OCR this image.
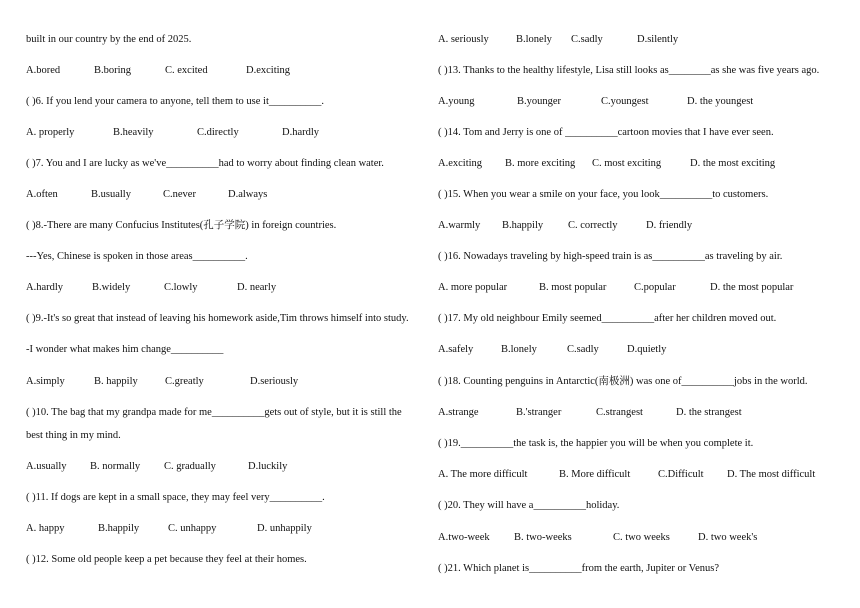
built in our country by the end of 2025.
A.bored	B.boring	C. excited	D.exciting
( )6. If you lend your camera to anyone, tell them to use it__________.
A. properly	B.heavily	C.directly	D.hardly
( )7. You and I are lucky as we've__________had to worry about finding clean water.
A.often	B.usually	C.never	D.always
( )8.-There are many Confucius Institutes(孔子学院) in foreign countries.
---Yes, Chinese is spoken in those areas__________.
A.hardly	B.widely	C.lowly	D. nearly
( )9.-It's so great that instead of leaving his homework aside,Tim throws himself into study.
-I wonder what makes him change__________
A.simply	B. happily	C.greatly	D.seriously
( )10. The bag that my grandpa made for me__________gets out of style, but it is still the
best thing in my mind.
A.usually B. normally C. gradually	D.luckily
( )11. If dogs are kept in a small space, they may feel very__________.
A. happy	B.happily	C. unhappy	D. unhappily
( )12. Some old people keep a pet because they feel at their homes.
A. seriously	B.lonely C.sadly	D.silently
( )13. Thanks to the healthy lifestyle, Lisa still looks as________as she was five years ago.
A.young	B.younger	C.youngest	D. the youngest
( )14. Tom and Jerry is one of __________cartoon movies that I have ever seen.
A.exciting B. more exciting C. most exciting	D. the most exciting
( )15. When you wear a smile on your face, you look__________to customers.
A.warmly B.happily C. correctly	D. friendly
( )16. Nowadays traveling by high-speed train is as__________as traveling by air.
A. more popular	B. most popular	C.popular	D. the most popular
( )17. My old neighbour Emily seemed__________after her children moved out.
A.safely	B.lonely	C.sadly	D.quietly
( )18. Counting penguins in Antarctic(南极洲) was one of__________jobs in the world.
A.strange	B.'stranger	C.strangest	D. the strangest
( )19.__________the task is, the happier you will be when you complete it.
A. The more difficult	B. More difficult	C.Difficult D. The most difficult
( )20. They will have a__________holiday.
A.two-week B. two-weeks	C. two weeks	D. two week's
( )21. Which planet is__________from the earth, Jupiter or Venus?
